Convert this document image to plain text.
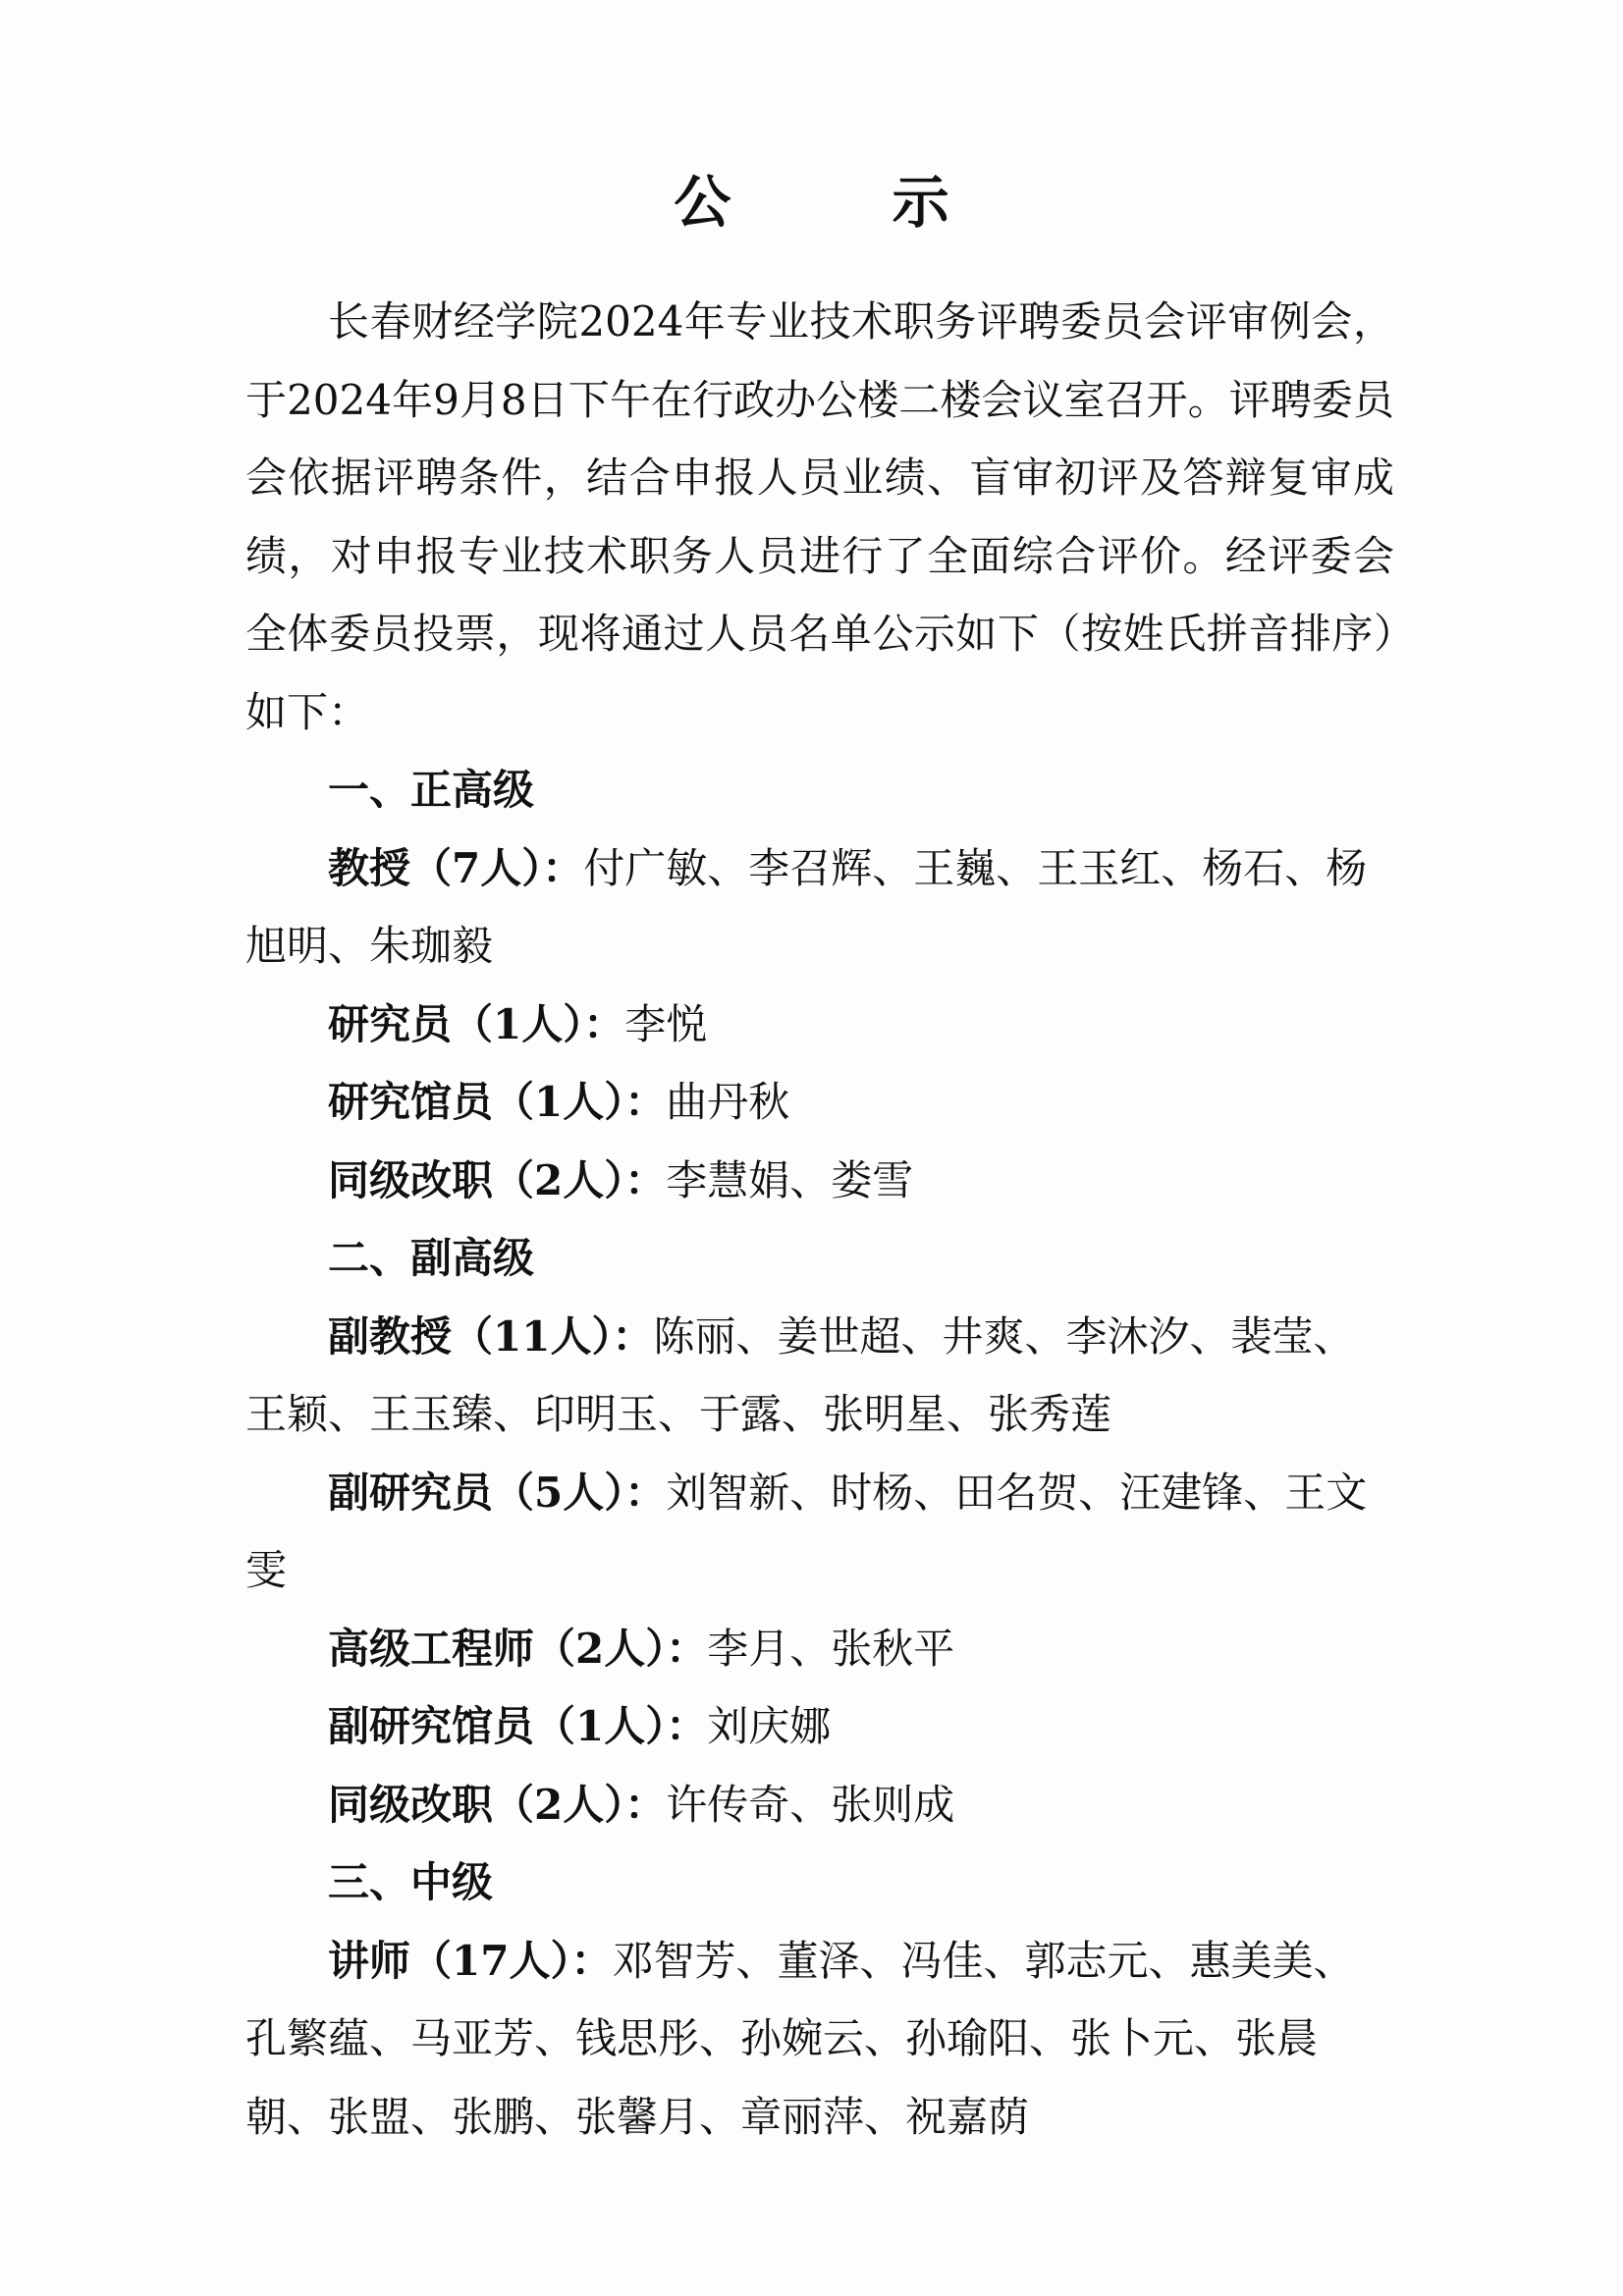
公 示

长春财经学院2024年专业技术职务评聘委员会评审例会，于2024年9月8日下午在行政办公楼二楼会议室召开。评聘委员会依据评聘条件，结合申报人员业绩、盲审初评及答辩复审成绩，对申报专业技术职务人员进行了全面综合评价。经评委会全体委员投票，现将通过人员名单公示如下（按姓氏拼音排序）如下：

一、正高级

教授（7人）：付广敏、李召辉、王巍、王玉红、杨石、杨旭明、朱珈毅

研究员（1人）：李悦

研究馆员（1人）：曲丹秋

同级改职（2人）：李慧娟、娄雪

二、副高级

副教授（11人）：陈丽、姜世超、井爽、李沐汐、裴莹、王颖、王玉臻、印明玉、于露、张明星、张秀莲

副研究员（5人）：刘智新、时杨、田名贺、汪建锋、王文雯

高级工程师（2人）：李月、张秋平

副研究馆员（1人）：刘庆娜

同级改职（2人）：许传奇、张则成

三、中级

讲师（17人）：邓智芳、董泽、冯佳、郭志元、惠美美、孔繁蕴、马亚芳、钱思彤、孙婉云、孙瑜阳、张卜元、张晨朝、张盟、张鹏、张馨月、章丽萍、祝嘉荫
